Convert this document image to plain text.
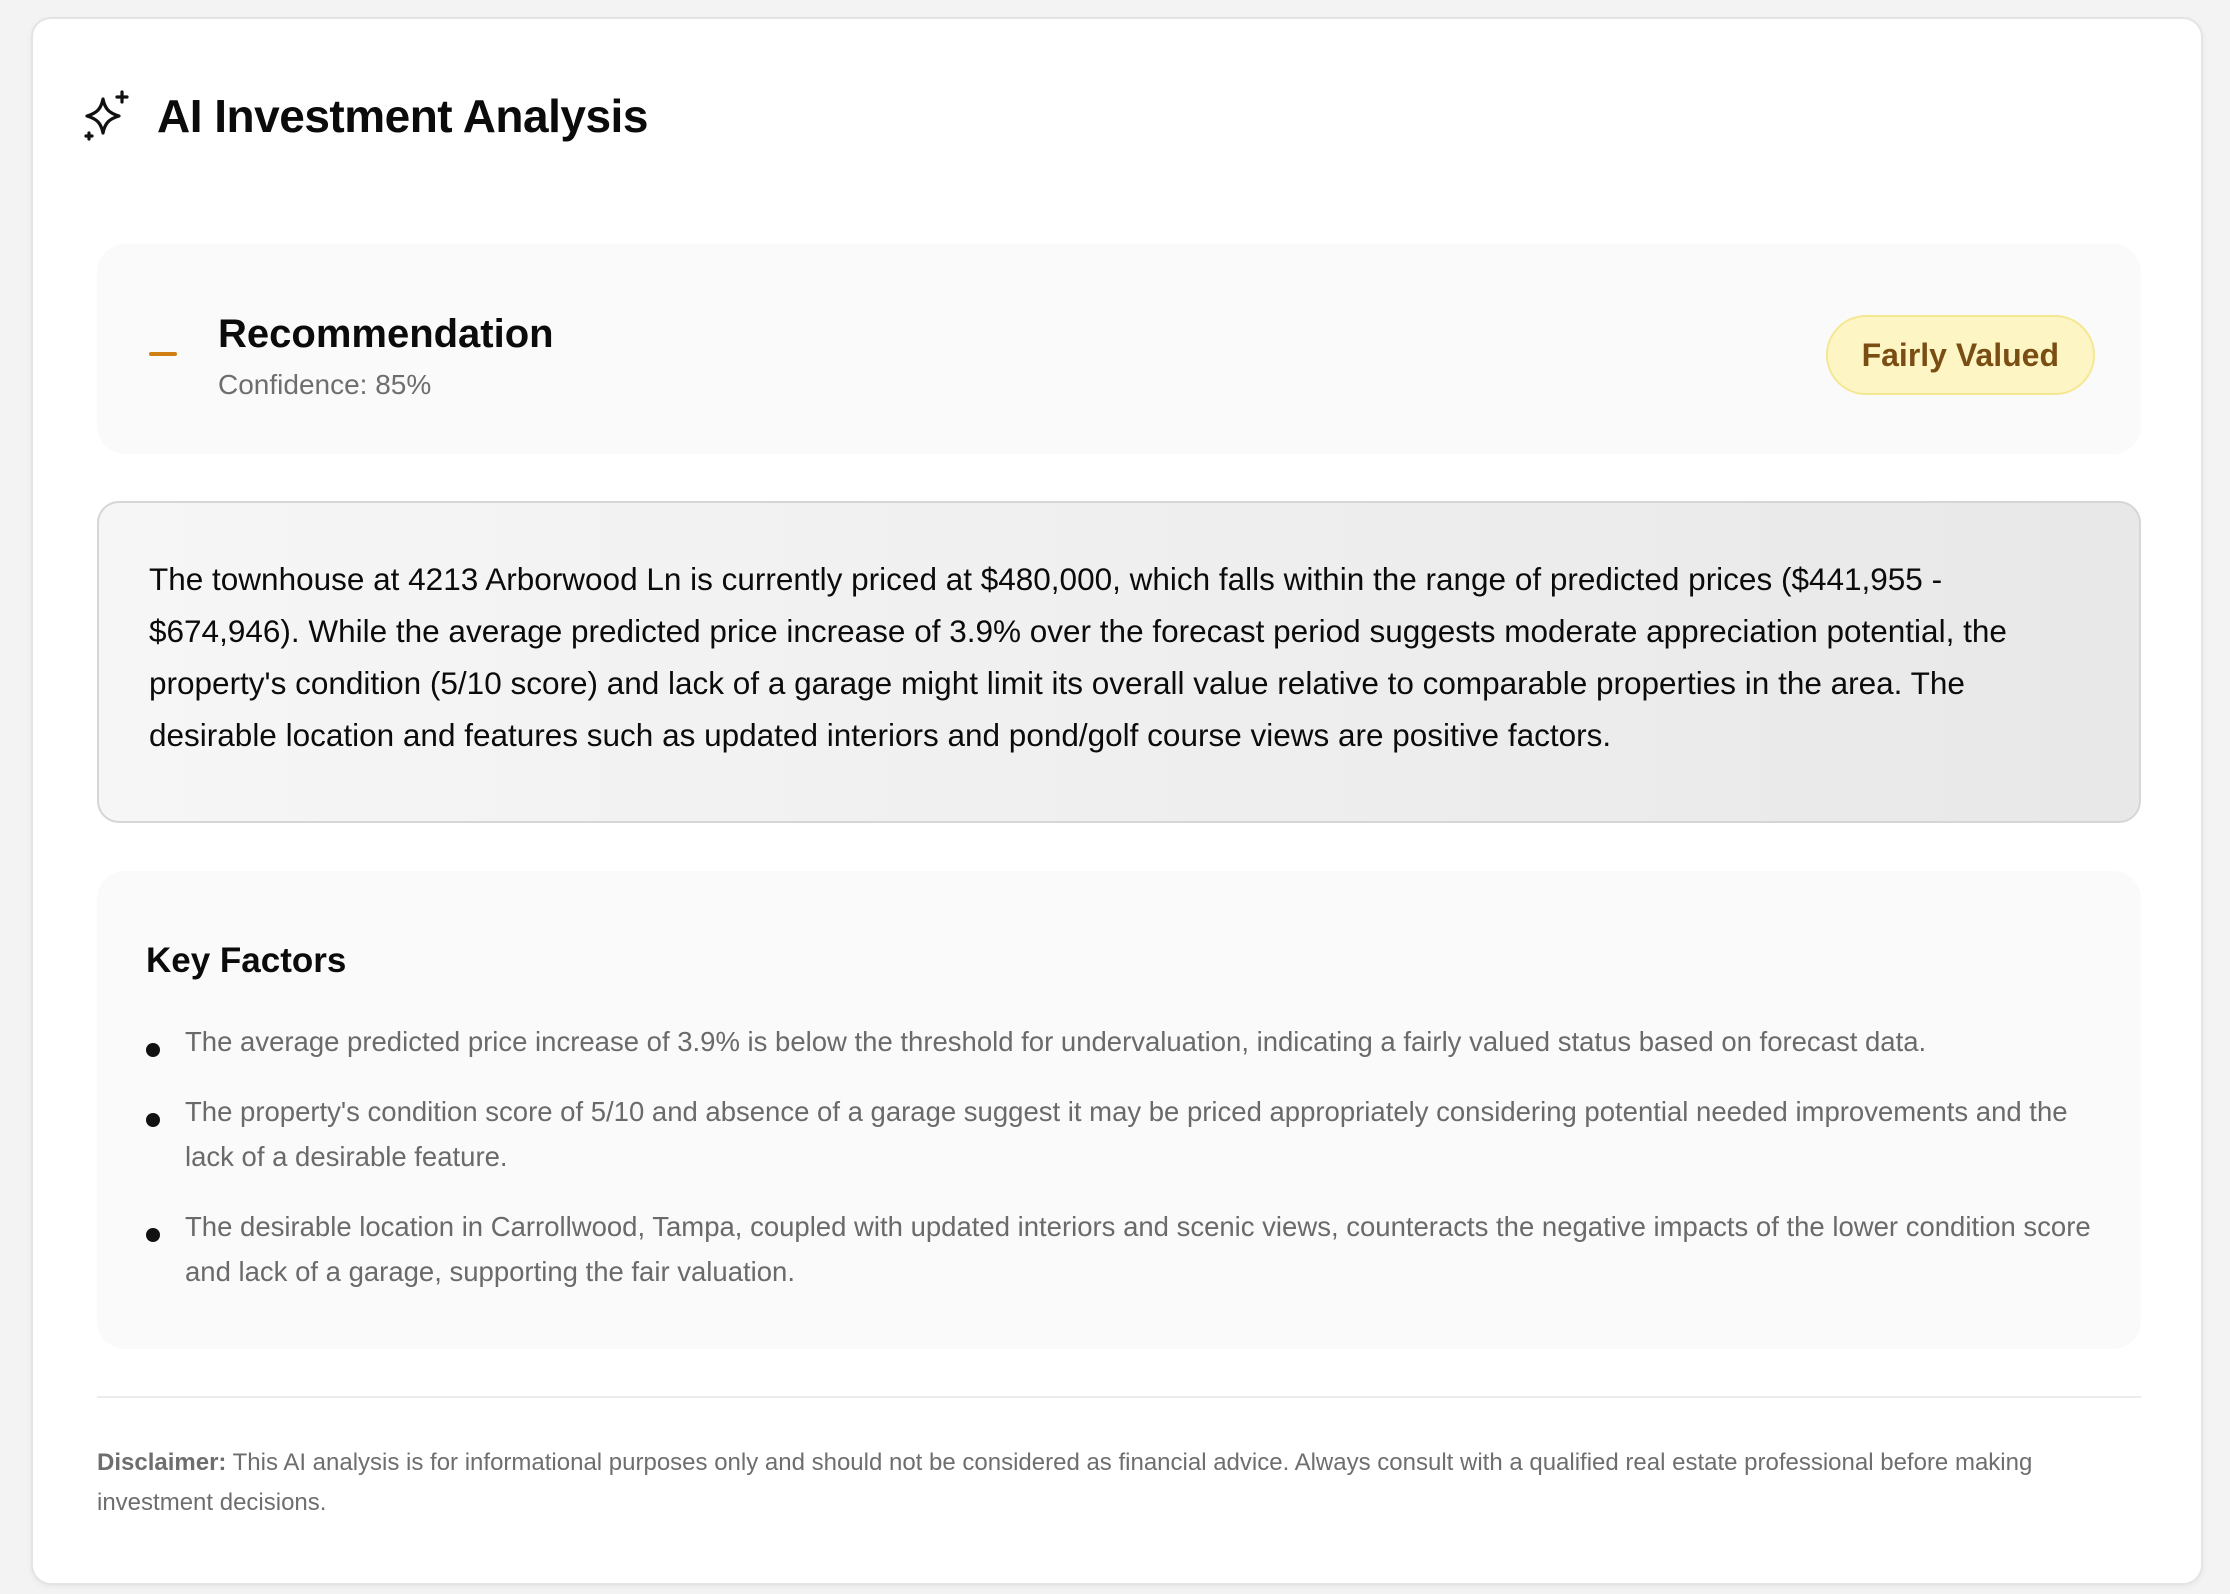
AI Investment Analysis
Recommendation
Confidence: 85%
Fairly Valued
The townhouse at 4213 Arborwood Ln is currently priced at $480,000, which falls within the range of predicted prices ($441,955 - $674,946). While the average predicted price increase of 3.9% over the forecast period suggests moderate appreciation potential, the property's condition (5/10 score) and lack of a garage might limit its overall value relative to comparable properties in the area. The desirable location and features such as updated interiors and pond/golf course views are positive factors.
Key Factors
The average predicted price increase of 3.9% is below the threshold for undervaluation, indicating a fairly valued status based on forecast data.
The property's condition score of 5/10 and absence of a garage suggest it may be priced appropriately considering potential needed improvements and the lack of a desirable feature.
The desirable location in Carrollwood, Tampa, coupled with updated interiors and scenic views, counteracts the negative impacts of the lower condition score and lack of a garage, supporting the fair valuation.
Disclaimer: This AI analysis is for informational purposes only and should not be considered as financial advice. Always consult with a qualified real estate professional before making investment decisions.
